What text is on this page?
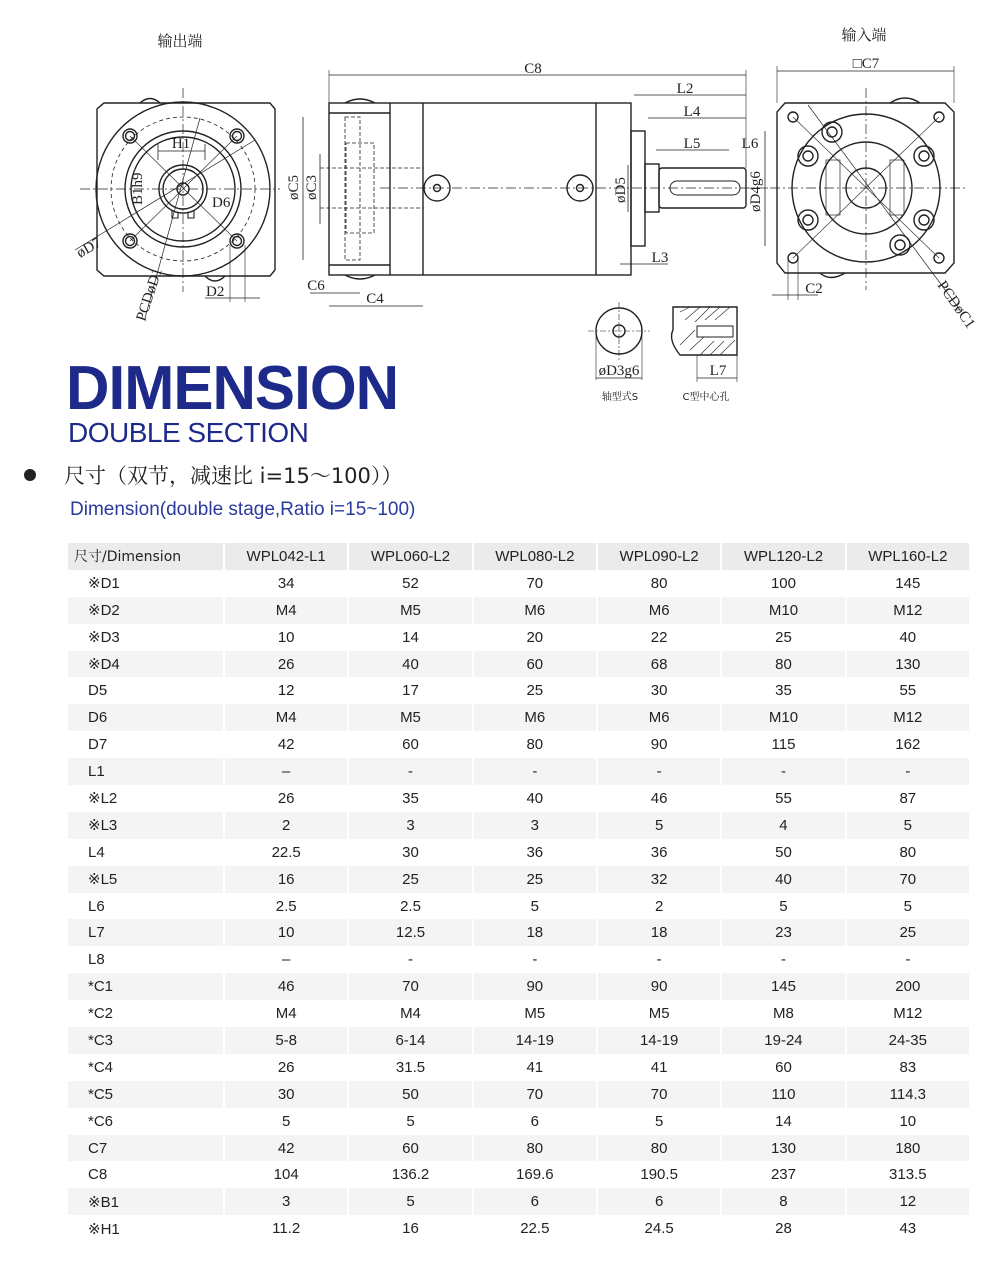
输出端
H1
B1h9	D6
øD7
PCDøD1	D2
C8
L2
L4
L5	L6
øC5 øC3	øD5	øD4g6
L3
C6
C4
输入端
□C7
C2	PCDøC1
øD3g6	L7
轴型式S	C型中心孔
DIMENSION
DOUBLE SECTION
尺寸（双节，减速比 i=15～100））
Dimension(double stage,Ratio i=15~100)
尺寸/Dimension	WPL042-L1	WPL060-L2	WPL080-L2	WPL090-L2	WPL120-L2	WPL160-L2
※D1	34	52	70	80	100	145
※D2	M4	M5	M6	M6	M10	M12
※D3	10	14	20	22	25	40
※D4	26	40	60	68	80	130
D5	12	17	25	30	35	55
D6	M4	M5	M6	M6	M10	M12
D7	42	60	80	90	115	162
L1	–	-	-	-	-	-
※L2	26	35	40	46	55	87
※L3	2	3	3	5	4	5
L4	22.5	30	36	36	50	80
※L5	16	25	25	32	40	70
L6	2.5	2.5	5	2	5	5
L7	10	12.5	18	18	23	25
L8	–	-	-	-	-	-
*C1	46	70	90	90	145	200
*C2	M4	M4	M5	M5	M8	M12
*C3	5-8	6-14	14-19	14-19	19-24	24-35
*C4	26	31.5	41	41	60	83
*C5	30	50	70	70	110	114.3
*C6	5	5	6	5	14	10
C7	42	60	80	80	130	180
C8	104	136.2	169.6	190.5	237	313.5
※B1	3	5	6	6	8	12
※H1	11.2	16	22.5	24.5	28	43
